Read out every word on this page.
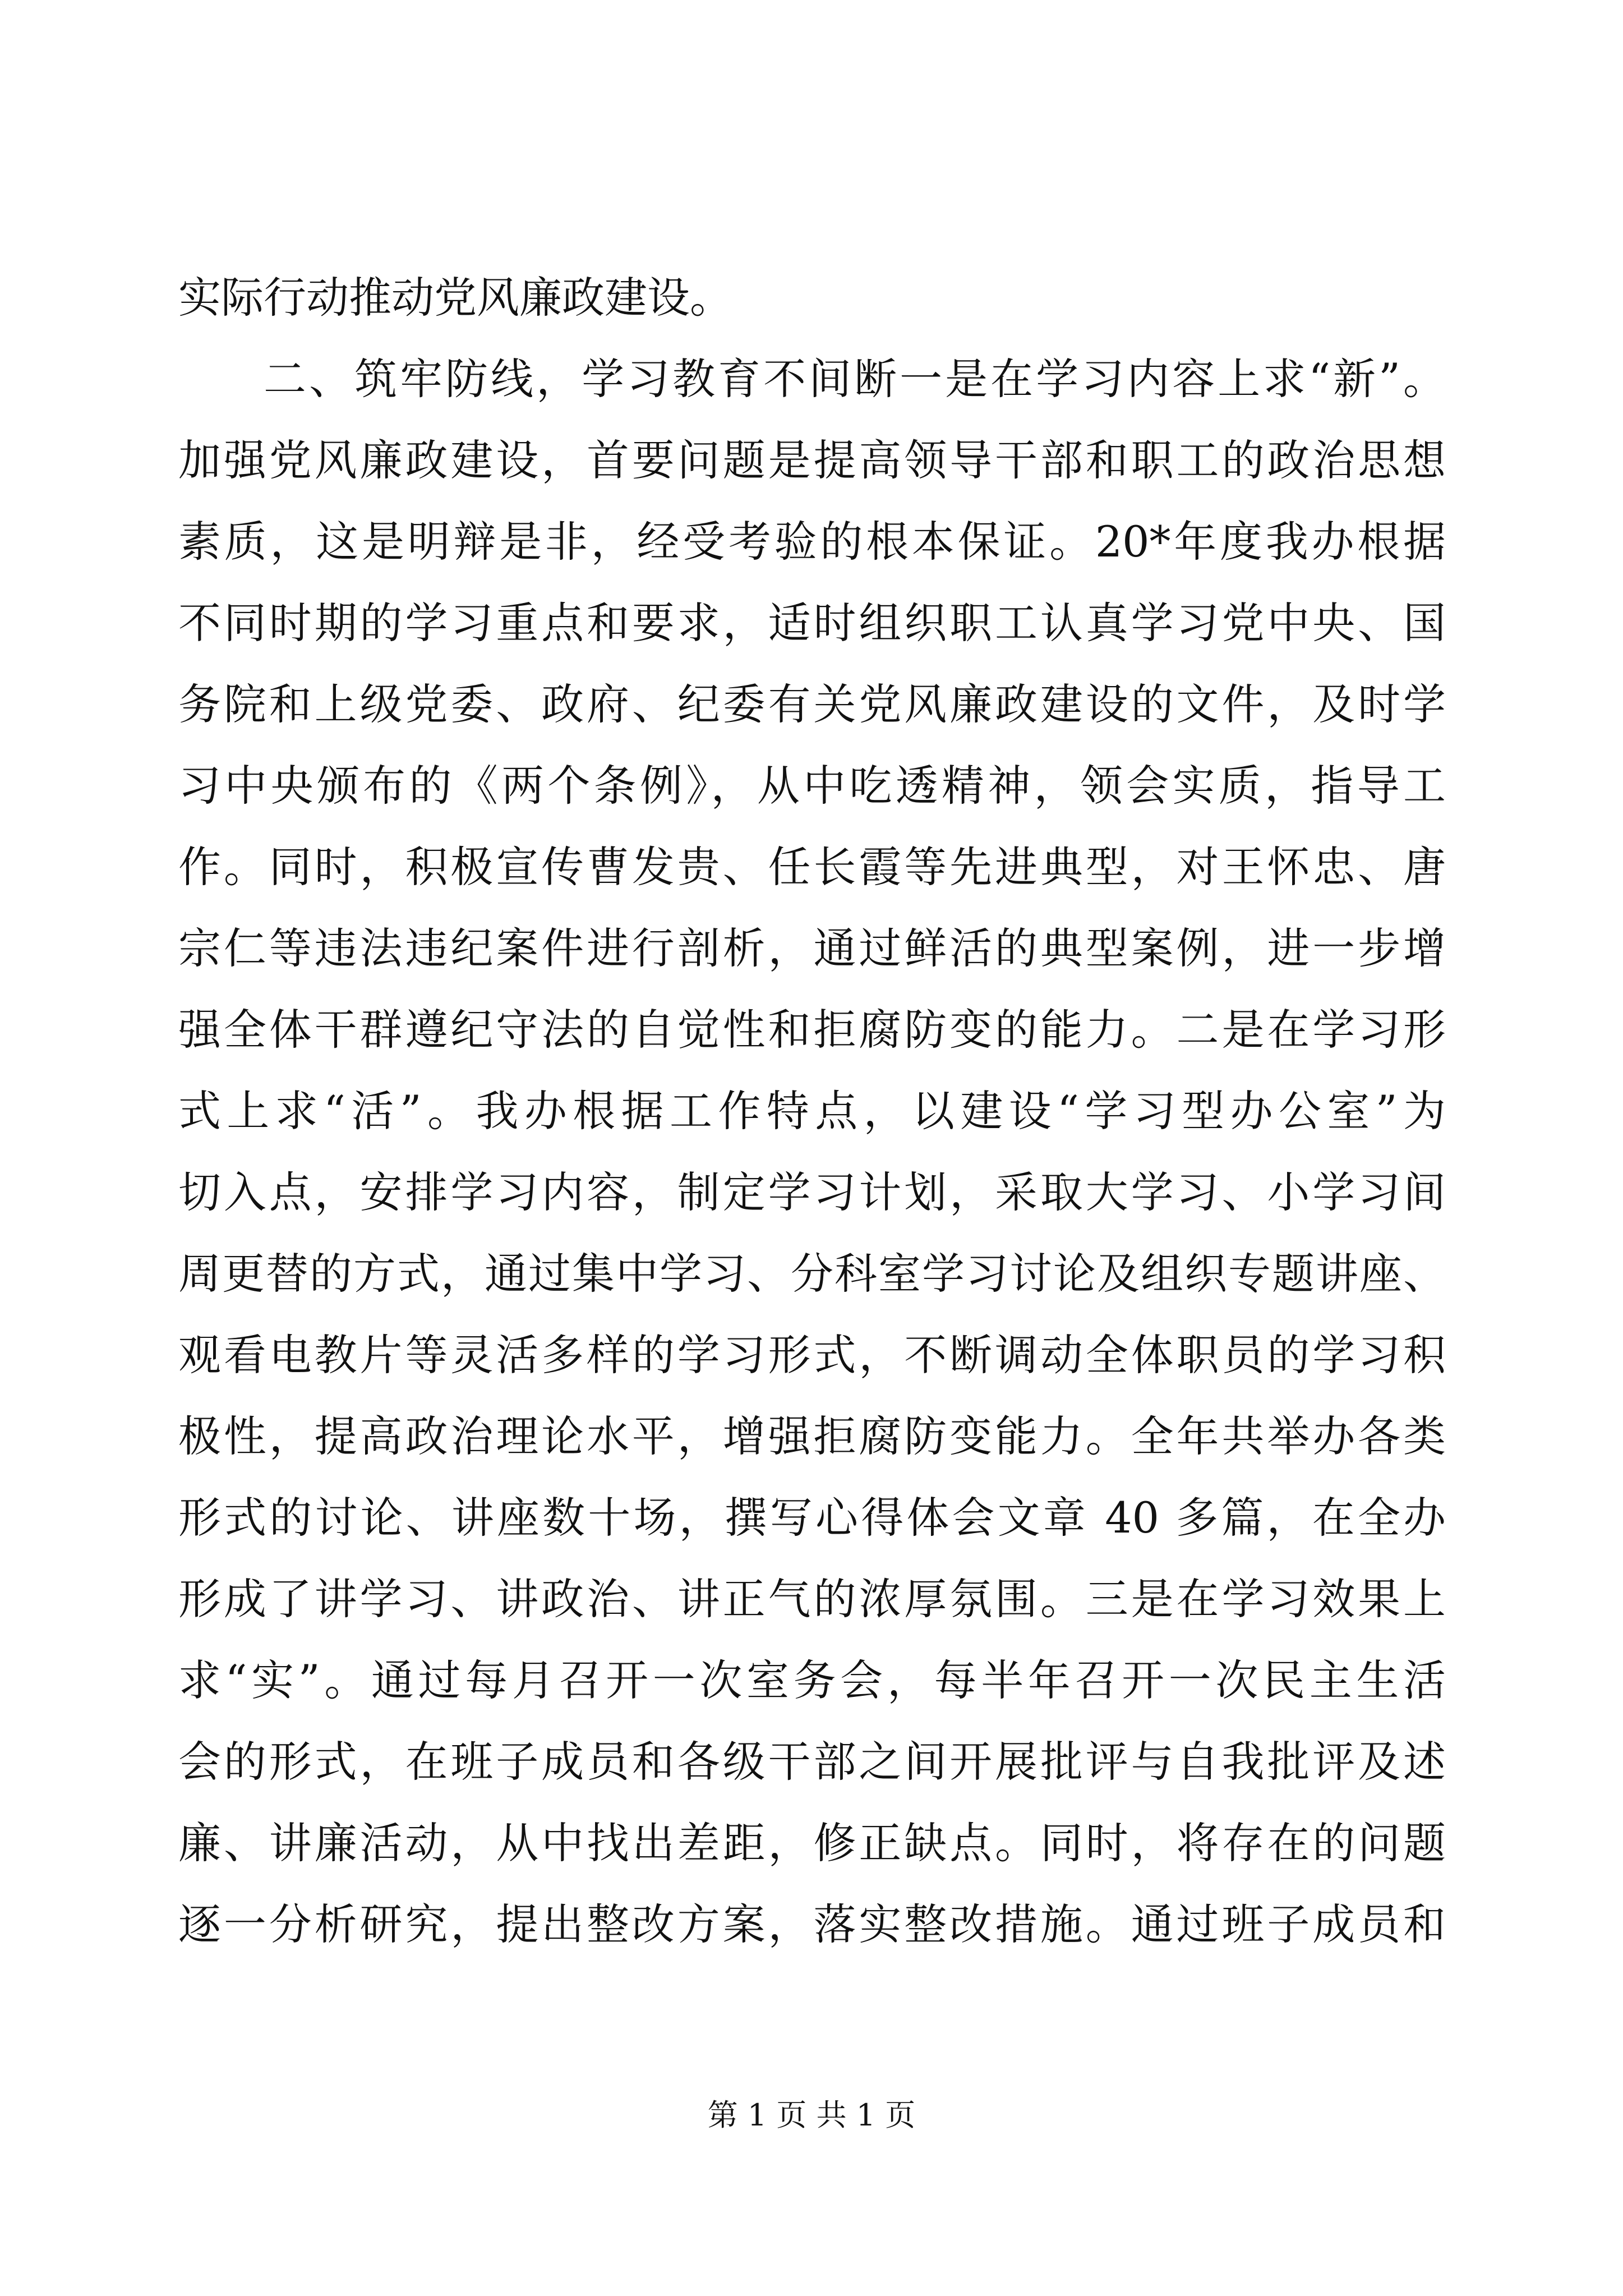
实际行动推动党风廉政建设。
二、筑牢防线，学习教育不间断一是在学习内容上求“新”。
加强党风廉政建设，首要问题是提高领导干部和职工的政治思想
素质，这是明辩是非，经受考验的根本保证。20*年度我办根据
不同时期的学习重点和要求，适时组织职工认真学习党中央、国
务院和上级党委、政府、纪委有关党风廉政建设的文件，及时学
习中央颁布的《两个条例》，从中吃透精神，领会实质，指导工
作。同时，积极宣传曹发贵、任长霞等先进典型，对王怀忠、唐
宗仁等违法违纪案件进行剖析，通过鲜活的典型案例，进一步增
强全体干群遵纪守法的自觉性和拒腐防变的能力。二是在学习形
式上求“活”。我办根据工作特点，以建设“学习型办公室”为
切入点，安排学习内容，制定学习计划，采取大学习、小学习间
周更替的方式，通过集中学习、分科室学习讨论及组织专题讲座、
观看电教片等灵活多样的学习形式，不断调动全体职员的学习积
极性，提高政治理论水平，增强拒腐防变能力。全年共举办各类
形式的讨论、讲座数十场，撰写心得体会文章 40 多篇，在全办
形成了讲学习、讲政治、讲正气的浓厚氛围。三是在学习效果上
求“实”。通过每月召开一次室务会，每半年召开一次民主生活
会的形式，在班子成员和各级干部之间开展批评与自我批评及述
廉、讲廉活动，从中找出差距，修正缺点。同时，将存在的问题
逐一分析研究，提出整改方案，落实整改措施。通过班子成员和
第 1 页 共 1 页
